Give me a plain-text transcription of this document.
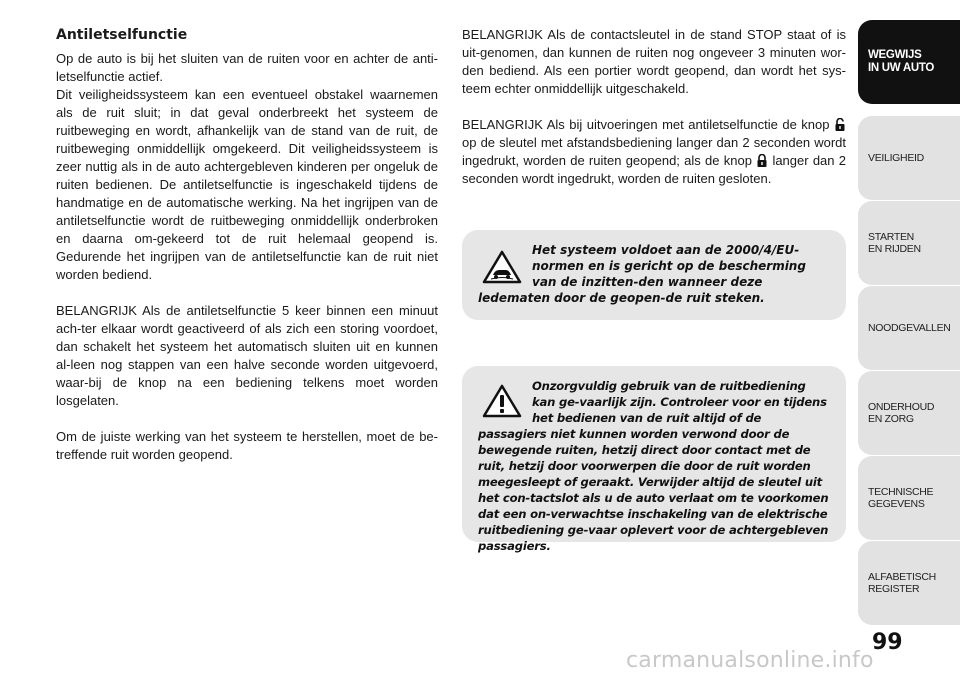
Antiletselfunctie

Op de auto is bij het sluiten van de ruiten voor en achter de anti-letselfunctie actief.

Dit veiligheidssysteem kan een eventueel obstakel waarnemen als de ruit sluit; in dat geval onderbreekt het systeem de ruitbeweging en wordt, afhankelijk van de stand van de ruit, de ruitbeweging onmiddellijk omgekeerd. Dit veiligheidssysteem is zeer nuttig als in de auto achtergebleven kinderen per ongeluk de ruiten bedienen. De antiletselfunctie is ingeschakeld tijdens de handmatige en de automatische werking. Na het ingrijpen van de antiletselfunctie wordt de ruitbeweging onmiddellijk onderbroken en daarna om-gekeerd tot de ruit helemaal geopend is. Gedurende het ingrijpen van de antiletselfunctie kan de ruit niet worden bediend.

BELANGRIJK Als de antiletselfunctie 5 keer binnen een minuut ach-ter elkaar wordt geactiveerd of als zich een storing voordoet, dan schakelt het systeem het automatisch sluiten uit en kunnen al-leen nog stappen van een halve seconde worden uitgevoerd, waar-bij de knop na een bediening telkens moet worden losgelaten.

Om de juiste werking van het systeem te herstellen, moet de be-treffende ruit worden geopend.

BELANGRIJK Als de contactsleutel in de stand STOP staat of is uit-genomen, dan kunnen de ruiten nog ongeveer 3 minuten wor-den bediend. Als een portier wordt geopend, dan wordt het sys-teem echter onmiddellijk uitgeschakeld.

BELANGRIJK Als bij uitvoeringen met antiletselfunctie de knop  op de sleutel met afstandsbediening langer dan 2 seconden wordt ingedrukt, worden de ruiten geopend; als de knop langer dan 2 seconden wordt ingedrukt, worden de ruiten gesloten.

Het systeem voldoet aan de 2000/4/EU-normen en is gericht op de bescherming van de inzitten-den wanneer deze ledematen door de geopen-de ruit steken.
Onzorgvuldig gebruik van de ruitbediening kan ge-vaarlijk zijn. Controleer voor en tijdens het bedienen van de ruit altijd of de passagiers niet kunnen worden verwond door de bewegende ruiten, hetzij direct door contact met de ruit, hetzij door voorwerpen die door de ruit worden meegesleept of geraakt. Verwijder altijd de sleutel uit het con-tactslot als u de auto verlaat om te voorkomen dat een on-verwachtse inschakeling van de elektrische ruitbediening ge-vaar oplevert voor de achtergebleven passagiers.
WEGWIJS
IN UW AUTO
VEILIGHEID
STARTEN
EN RIJDEN
NOODGEVALLEN
ONDERHOUD
EN ZORG
TECHNISCHE
GEGEVENS
ALFABETISCH
REGISTER
99
carmanualsonline.info
